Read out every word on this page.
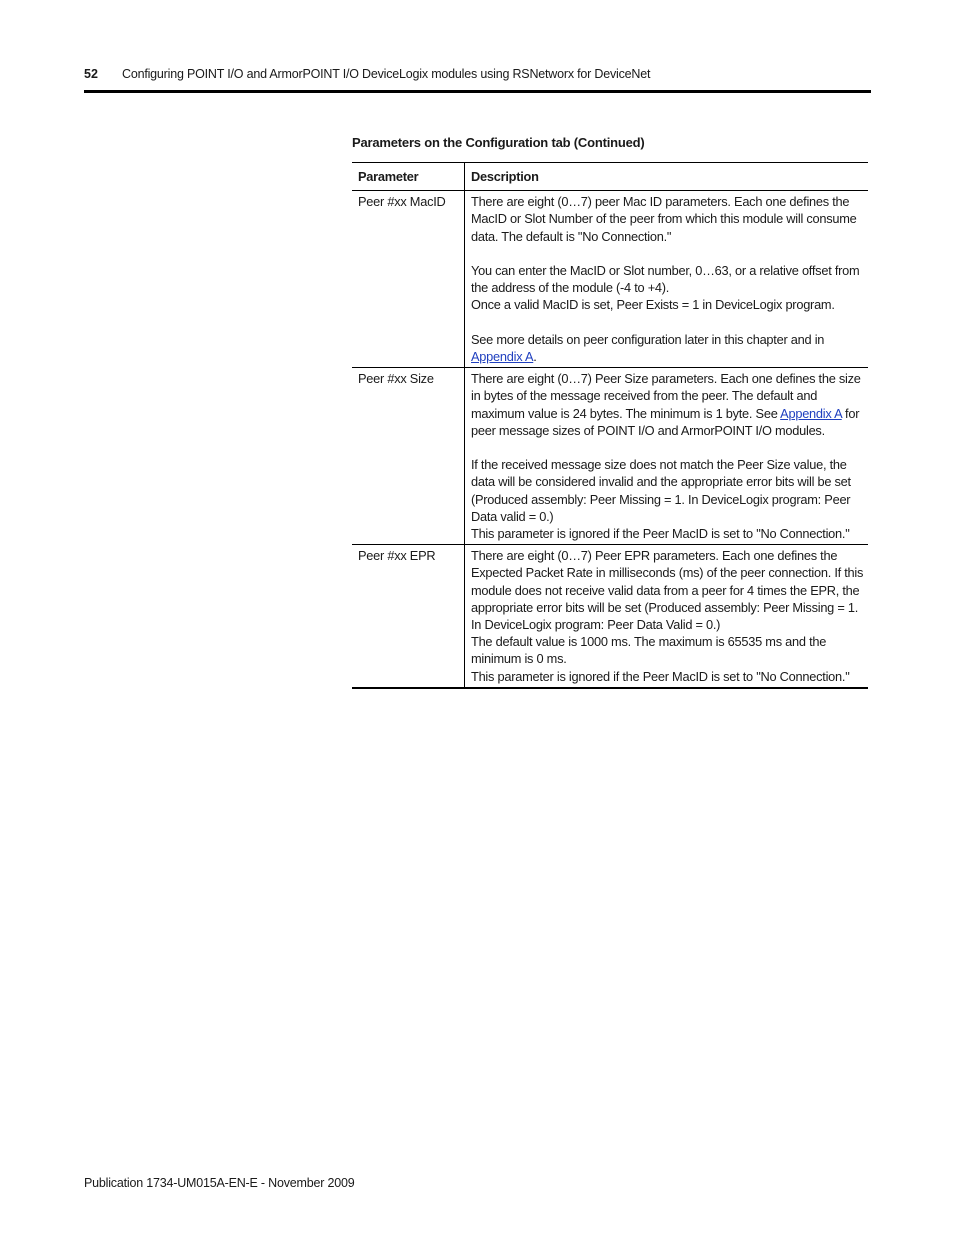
52 Configuring POINT I/O and ArmorPOINT I/O DeviceLogix modules using RSNetworx for DeviceNet
Parameters on the Configuration tab (Continued)
Parameter	Description
Peer #xx MacID	There are eight (0…7) peer Mac ID parameters. Each one defines the MacID or Slot Number of the peer from which this module will consume data. The default is "No Connection."

You can enter the MacID or Slot number, 0…63, or a relative offset from the address of the module (-4 to +4).

Once a valid MacID is set, Peer Exists = 1 in DeviceLogix program.

See more details on peer configuration later in this chapter and in Appendix A.

Peer #xx Size	There are eight (0…7) Peer Size parameters. Each one defines the size in bytes of the message received from the peer. The default and maximum value is 24 bytes. The minimum is 1 byte. See Appendix A for peer message sizes of POINT I/O and ArmorPOINT I/O modules.

If the received message size does not match the Peer Size value, the data will be considered invalid and the appropriate error bits will be set (Produced assembly: Peer Missing = 1. In DeviceLogix program: Peer Data valid = 0.)

This parameter is ignored if the Peer MacID is set to "No Connection."

Peer #xx EPR	There are eight (0…7) Peer EPR parameters. Each one defines the Expected Packet Rate in milliseconds (ms) of the peer connection. If this module does not receive valid data from a peer for 4 times the EPR, the appropriate error bits will be set (Produced assembly: Peer Missing = 1. In DeviceLogix program: Peer Data Valid = 0.)

The default value is 1000 ms. The maximum is 65535 ms and the minimum is 0 ms.

This parameter is ignored if the Peer MacID is set to "No Connection."

Publication 1734-UM015A-EN-E - November 2009
